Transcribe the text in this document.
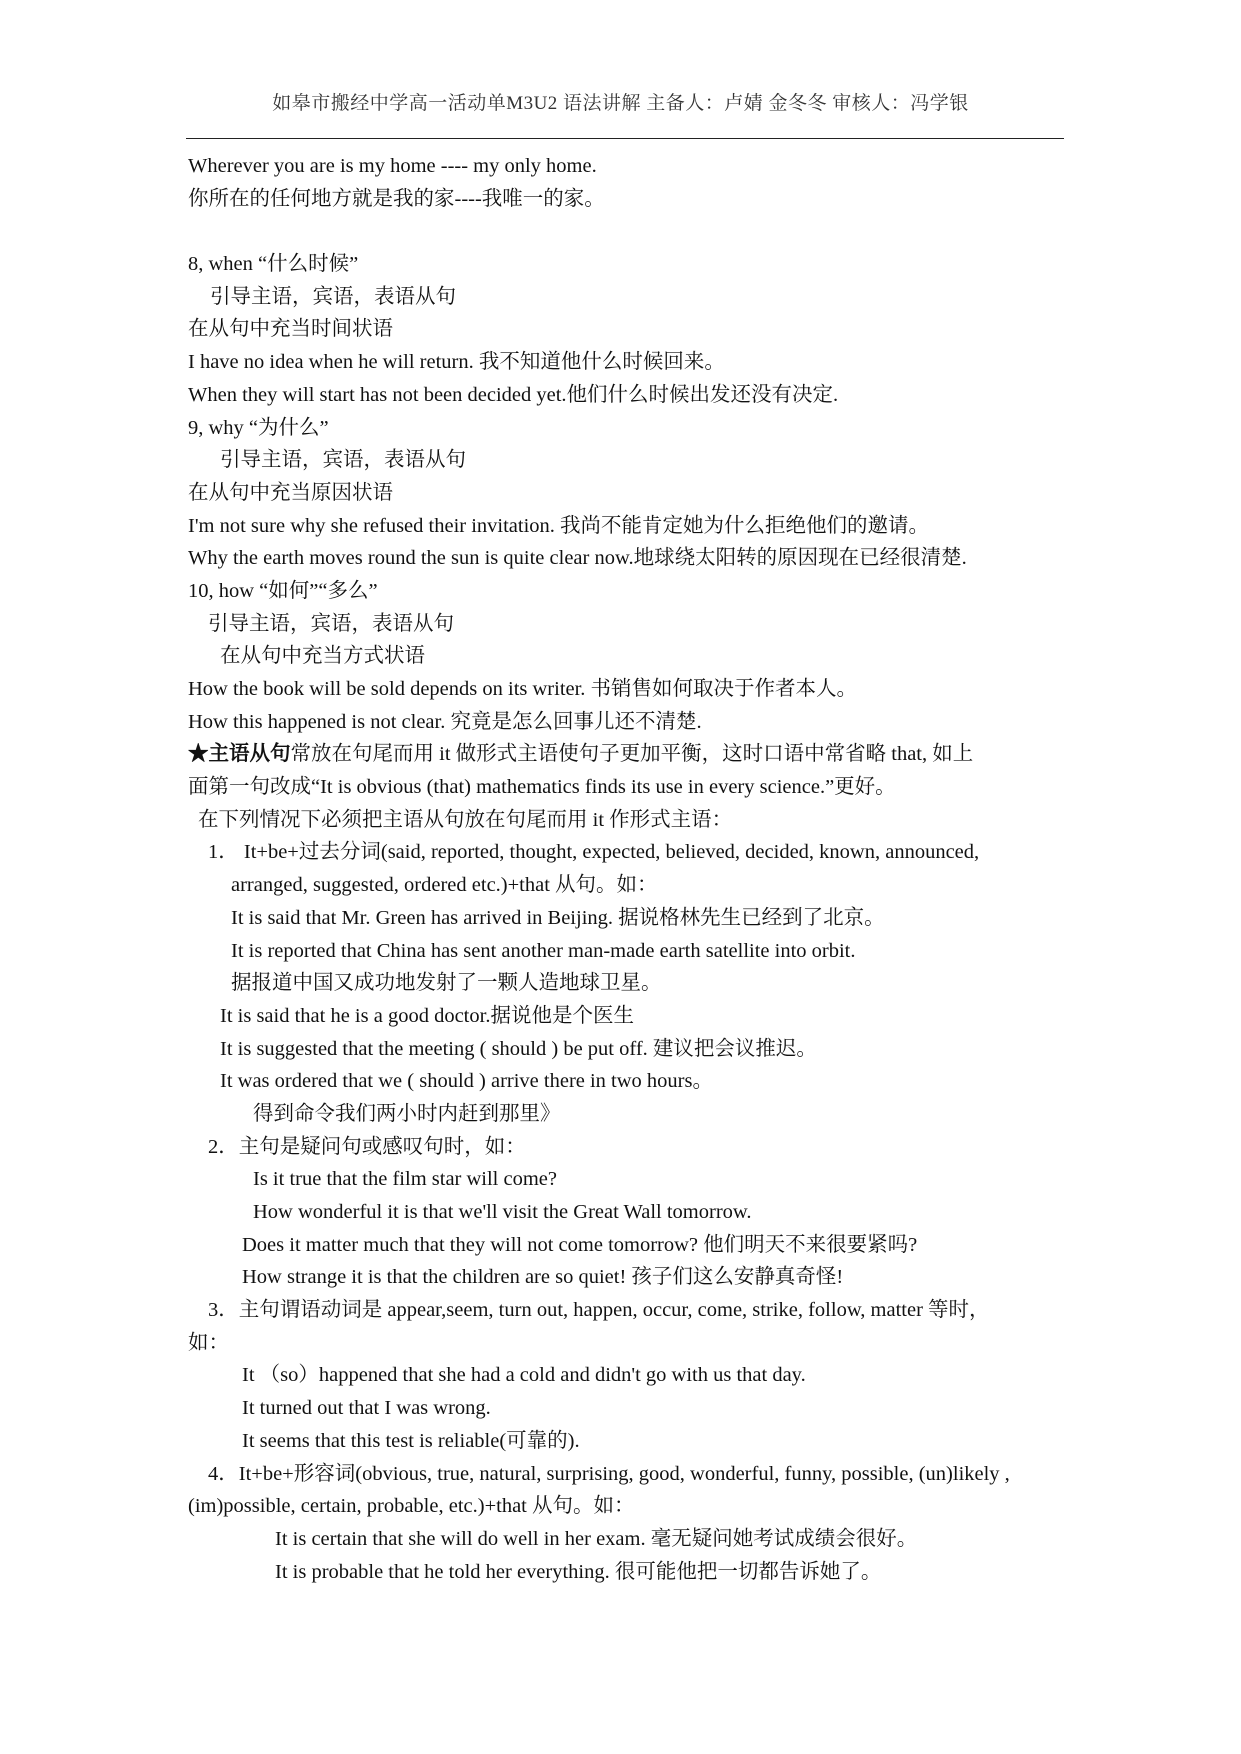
如皋市搬经中学高一活动单M3U2 语法讲解 主备人：卢婧 金冬冬 审核人：冯学银
Wherever you are is my home ---- my only home.
你所在的任何地方就是我的家----我唯一的家。
8, when “什么时候”
引导主语，宾语，表语从句
在从句中充当时间状语
I have no idea when he will return. 我不知道他什么时候回来。
When they will start has not been decided yet.他们什么时候出发还没有决定.
9, why “为什么”
引导主语，宾语，表语从句
在从句中充当原因状语
I'm not sure why she refused their invitation. 我尚不能肯定她为什么拒绝他们的邀请。
Why the earth moves round the sun is quite clear now.地球绕太阳转的原因现在已经很清楚.
10, how “如何”“多么”
引导主语，宾语，表语从句
在从句中充当方式状语
How the book will be sold depends on its writer. 书销售如何取决于作者本人。
How this happened is not clear. 究竟是怎么回事儿还不清楚.
★主语从句常放在句尾而用 it 做形式主语使句子更加平衡，这时口语中常省略 that, 如上
面第一句改成“It is obvious (that) mathematics finds its use in every science.”更好。
在下列情况下必须把主语从句放在句尾而用 it 作形式主语：
1． It+be+过去分词(said, reported, thought, expected, believed, decided, known, announced,
arranged, suggested, ordered etc.)+that 从句。如：
It is said that Mr. Green has arrived in Beijing. 据说格林先生已经到了北京。
It is reported that China has sent another man-made earth satellite into orbit.
据报道中国又成功地发射了一颗人造地球卫星。
It is said that he is a good doctor.据说他是个医生
It is suggested that the meeting ( should ) be put off. 建议把会议推迟。
It was ordered that we ( should ) arrive there in two hours。
得到命令我们两小时内赶到那里》
2．主句是疑问句或感叹句时，如：
Is it true that the film star will come?
How wonderful it is that we'll visit the Great Wall tomorrow.
Does it matter much that they will not come tomorrow? 他们明天不来很要紧吗?
How strange it is that the children are so quiet! 孩子们这么安静真奇怪!
3．主句谓语动词是 appear,seem, turn out, happen, occur, come, strike, follow, matter 等时，
如：
It （so）happened that she had a cold and didn't go with us that day.
It turned out that I was wrong.
It seems that this test is reliable(可靠的).
4．It+be+形容词(obvious, true, natural, surprising, good, wonderful, funny, possible, (un)likely ,
(im)possible, certain, probable, etc.)+that 从句。如：
It is certain that she will do well in her exam. 毫无疑问她考试成绩会很好。
It is probable that he told her everything. 很可能他把一切都告诉她了。
